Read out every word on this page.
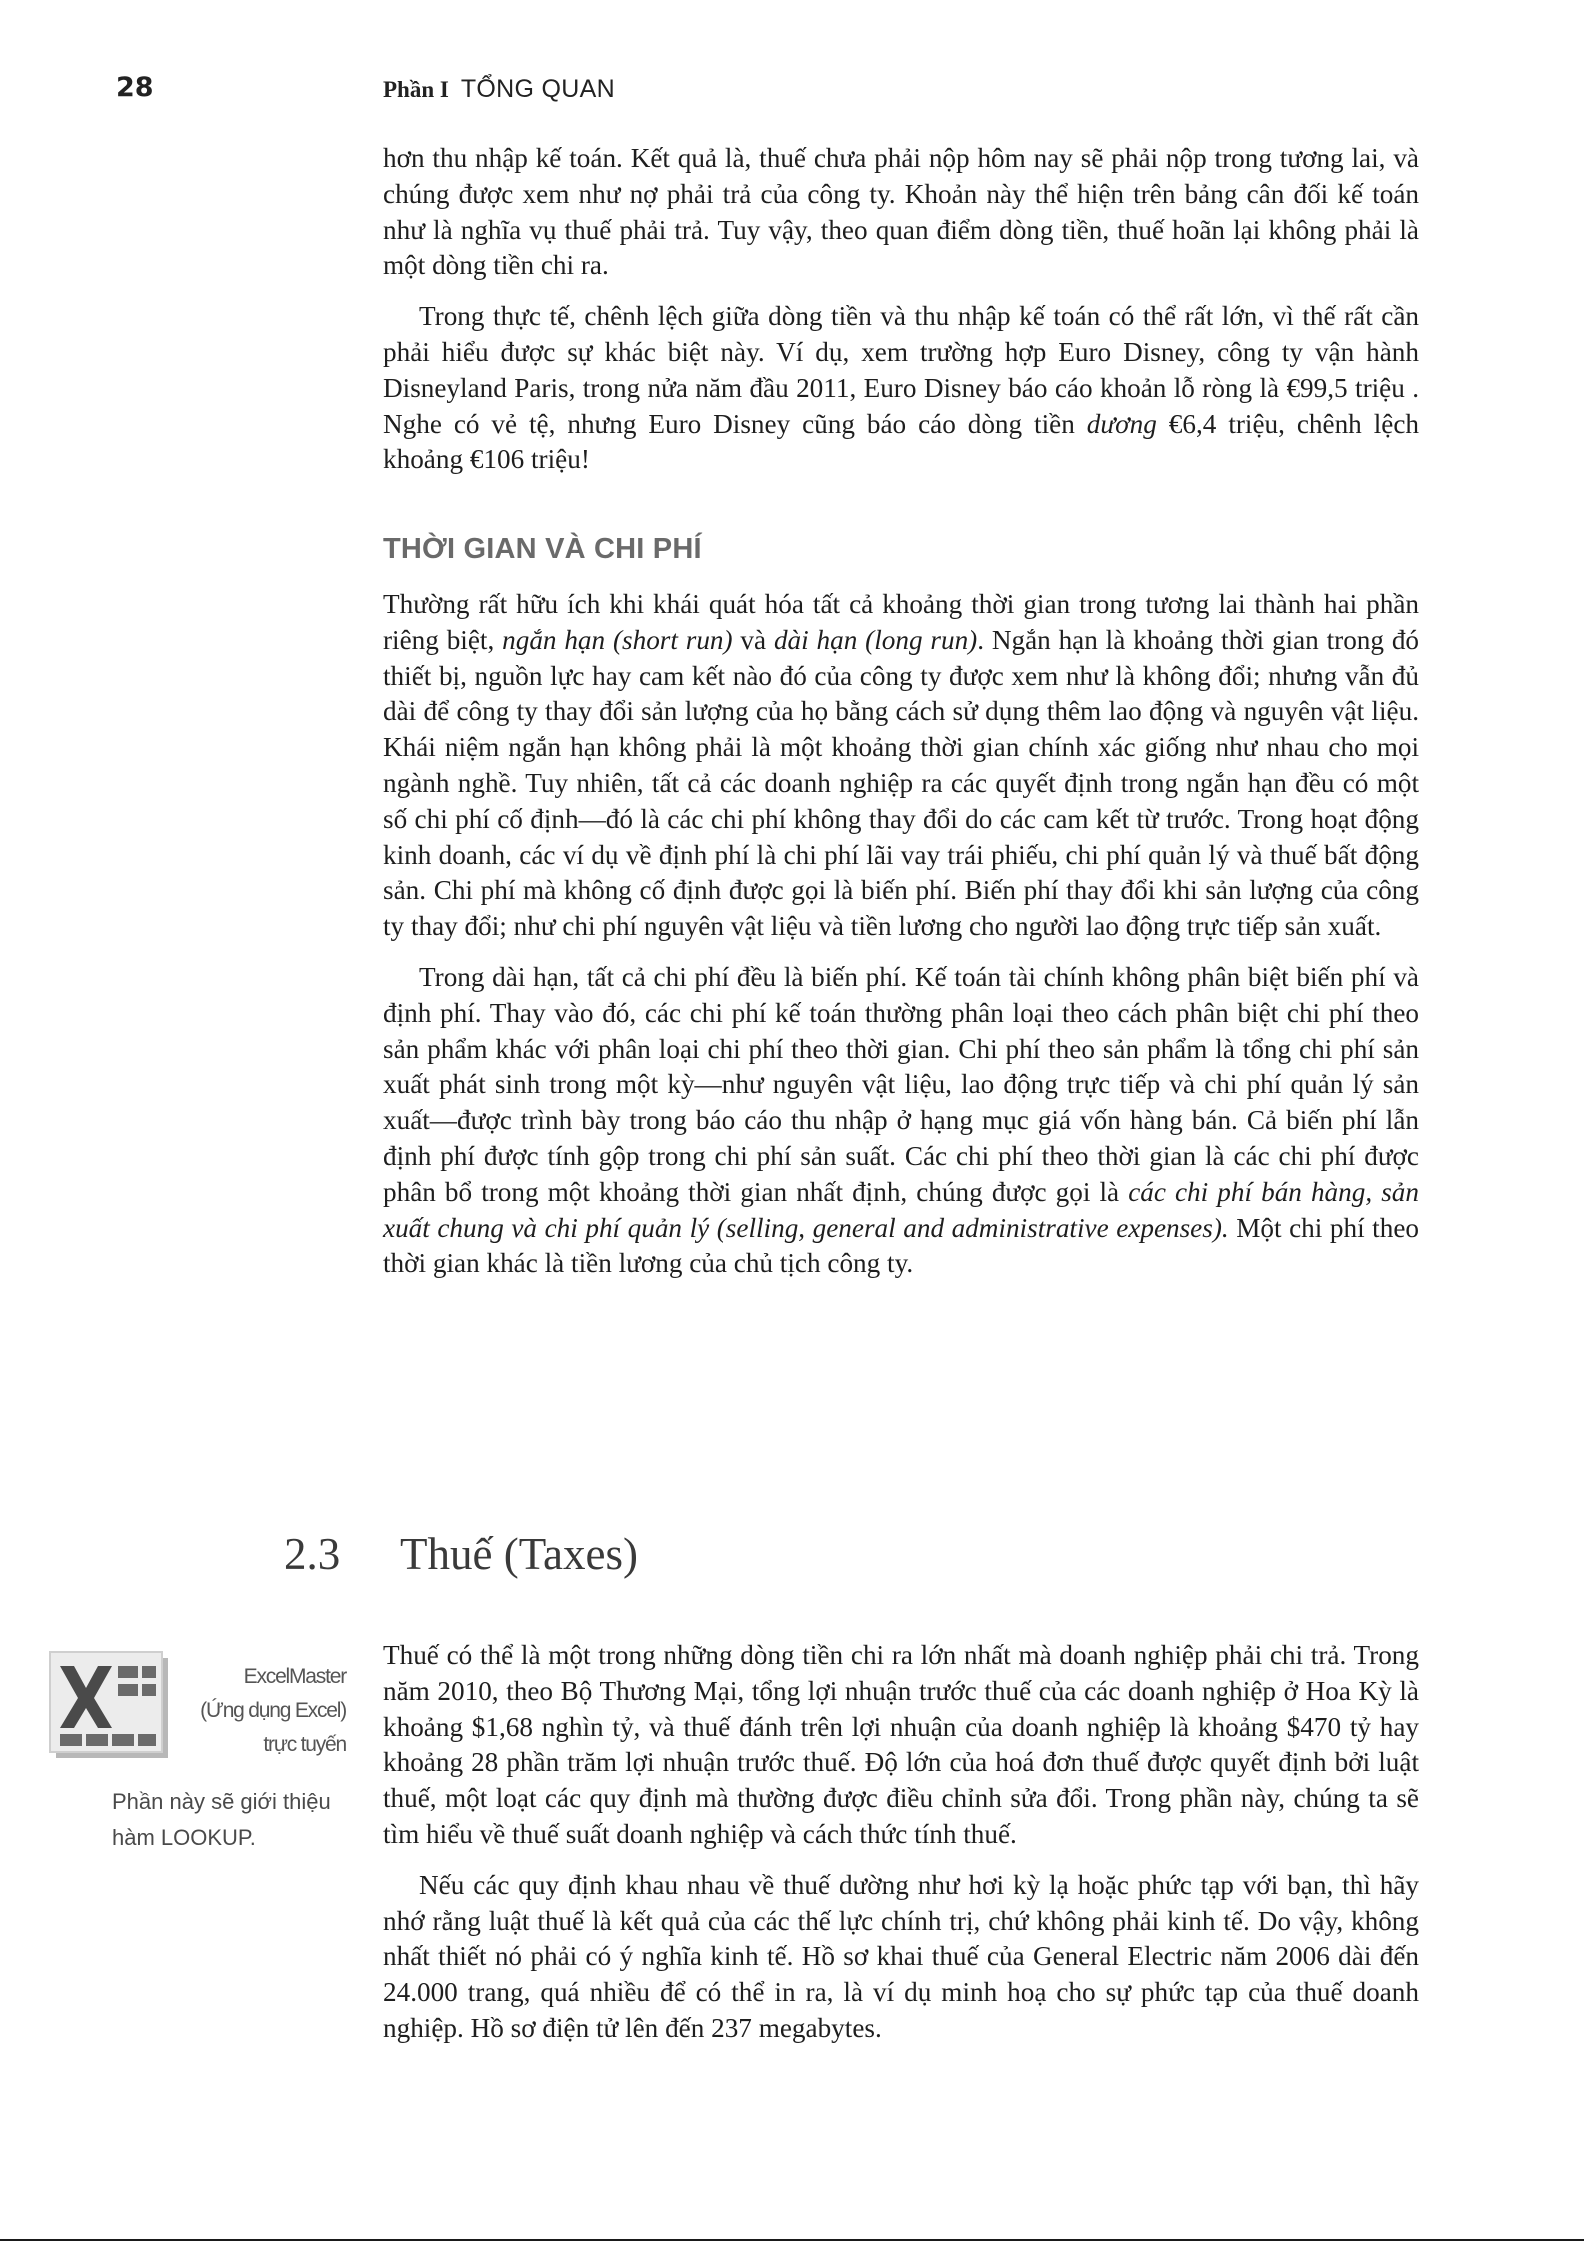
28	Phần I TỔNG QUAN

hơn thu nhập kế toán. Kết quả là, thuế chưa phải nộp hôm nay sẽ phải nộp trong tương lai, và chúng được xem như nợ phải trả của công ty. Khoản này thể hiện trên bảng cân đối kế toán như là nghĩa vụ thuế phải trả. Tuy vậy, theo quan điểm dòng tiền, thuế hoãn lại không phải là một dòng tiền chi ra.

Trong thực tế, chênh lệch giữa dòng tiền và thu nhập kế toán có thể rất lớn, vì thế rất cần phải hiểu được sự khác biệt này. Ví dụ, xem trường hợp Euro Disney, công ty vận hành Disneyland Paris, trong nửa năm đầu 2011, Euro Disney báo cáo khoản lỗ ròng là €99,5 triệu . Nghe có vẻ tệ, nhưng Euro Disney cũng báo cáo dòng tiền dương €6,4 triệu, chênh lệch khoảng €106 triệu!

THỜI GIAN VÀ CHI PHÍ

Thường rất hữu ích khi khái quát hóa tất cả khoảng thời gian trong tương lai thành hai phần riêng biệt, ngắn hạn (short run) và dài hạn (long run). Ngắn hạn là khoảng thời gian trong đó thiết bị, nguồn lực hay cam kết nào đó của công ty được xem như là không đổi; nhưng vẫn đủ dài để công ty thay đổi sản lượng của họ bằng cách sử dụng thêm lao động và nguyên vật liệu. Khái niệm ngắn hạn không phải là một khoảng thời gian chính xác giống như nhau cho mọi ngành nghề. Tuy nhiên, tất cả các doanh nghiệp ra các quyết định trong ngắn hạn đều có một số chi phí cố định—đó là các chi phí không thay đổi do các cam kết từ trước. Trong hoạt động kinh doanh, các ví dụ về định phí là chi phí lãi vay trái phiếu, chi phí quản lý và thuế bất động sản. Chi phí mà không cố định được gọi là biến phí. Biến phí thay đổi khi sản lượng của công ty thay đổi; như chi phí nguyên vật liệu và tiền lương cho người lao động trực tiếp sản xuất.

Trong dài hạn, tất cả chi phí đều là biến phí. Kế toán tài chính không phân biệt biến phí và định phí. Thay vào đó, các chi phí kế toán thường phân loại theo cách phân biệt chi phí theo sản phẩm khác với phân loại chi phí theo thời gian. Chi phí theo sản phẩm là tổng chi phí sản xuất phát sinh trong một kỳ—như nguyên vật liệu, lao động trực tiếp và chi phí quản lý sản xuất—được trình bày trong báo cáo thu nhập ở hạng mục giá vốn hàng bán. Cả biến phí lẫn định phí được tính gộp trong chi phí sản suất. Các chi phí theo thời gian là các chi phí được phân bổ trong một khoảng thời gian nhất định, chúng được gọi là các chi phí bán hàng, sản xuất chung và chi phí quản lý (selling, general and administrative expenses). Một chi phí theo thời gian khác là tiền lương của chủ tịch công ty.

2.3 Thuế (Taxes)
ExcelMaster
(Ứng dụng Excel)
trực tuyến
Phần này sẽ giới thiệu hàm LOOKUP.

Thuế có thể là một trong những dòng tiền chi ra lớn nhất mà doanh nghiệp phải chi trả. Trong năm 2010, theo Bộ Thương Mại, tổng lợi nhuận trước thuế của các doanh nghiệp ở Hoa Kỳ là khoảng $1,68 nghìn tỷ, và thuế đánh trên lợi nhuận của doanh nghiệp là khoảng $470 tỷ hay khoảng 28 phần trăm lợi nhuận trước thuế. Độ lớn của hoá đơn thuế được quyết định bởi luật thuế, một loạt các quy định mà thường được điều chỉnh sửa đổi. Trong phần này, chúng ta sẽ tìm hiểu về thuế suất doanh nghiệp và cách thức tính thuế.

Nếu các quy định khau nhau về thuế dường như hơi kỳ lạ hoặc phức tạp với bạn, thì hãy nhớ rằng luật thuế là kết quả của các thế lực chính trị, chứ không phải kinh tế. Do vậy, không nhất thiết nó phải có ý nghĩa kinh tế. Hồ sơ khai thuế của General Electric năm 2006 dài đến 24.000 trang, quá nhiều để có thể in ra, là ví dụ minh hoạ cho sự phức tạp của thuế doanh nghiệp. Hồ sơ điện tử lên đến 237 megabytes.
